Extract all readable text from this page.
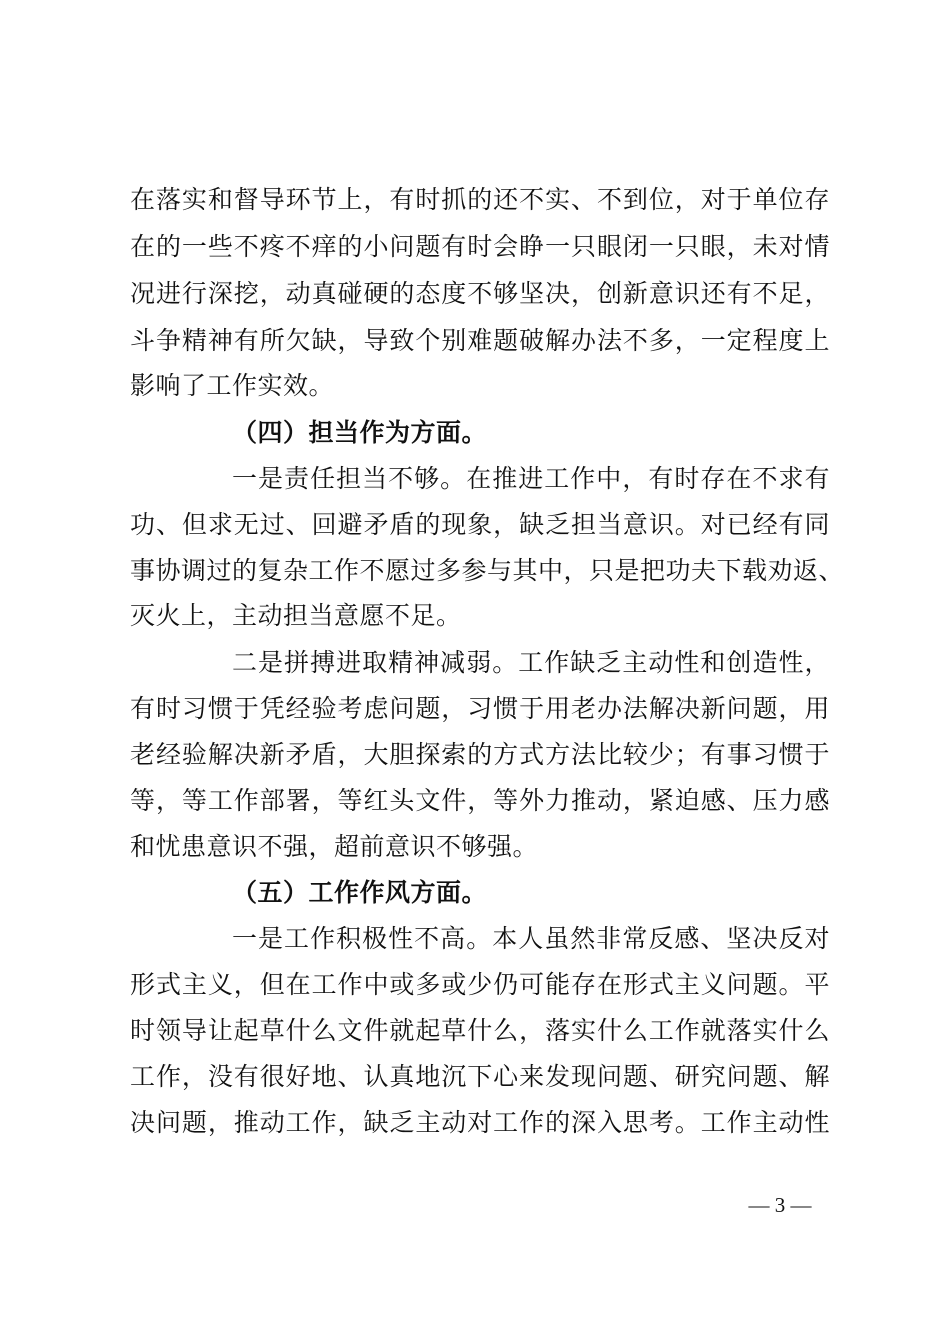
在落实和督导环节上，有时抓的还不实、不到位，对于单位存
在的一些不疼不痒的小问题有时会睁一只眼闭一只眼，未对情
况进行深挖，动真碰硬的态度不够坚决，创新意识还有不足，
斗争精神有所欠缺，导致个别难题破解办法不多，一定程度上
影响了工作实效。
（四）担当作为方面。
一是责任担当不够。在推进工作中，有时存在不求有
功、但求无过、回避矛盾的现象，缺乏担当意识。对已经有同
事协调过的复杂工作不愿过多参与其中，只是把功夫下载劝返、
灭火上，主动担当意愿不足。
二是拼搏进取精神减弱。工作缺乏主动性和创造性，
有时习惯于凭经验考虑问题，习惯于用老办法解决新问题，用
老经验解决新矛盾，大胆探索的方式方法比较少；有事习惯于
等，等工作部署，等红头文件，等外力推动，紧迫感、压力感
和忧患意识不强，超前意识不够强。
（五）工作作风方面。
一是工作积极性不高。本人虽然非常反感、坚决反对
形式主义，但在工作中或多或少仍可能存在形式主义问题。平
时领导让起草什么文件就起草什么，落实什么工作就落实什么
工作，没有很好地、认真地沉下心来发现问题、研究问题、解
决问题，推动工作，缺乏主动对工作的深入思考。工作主动性
— 3 —
